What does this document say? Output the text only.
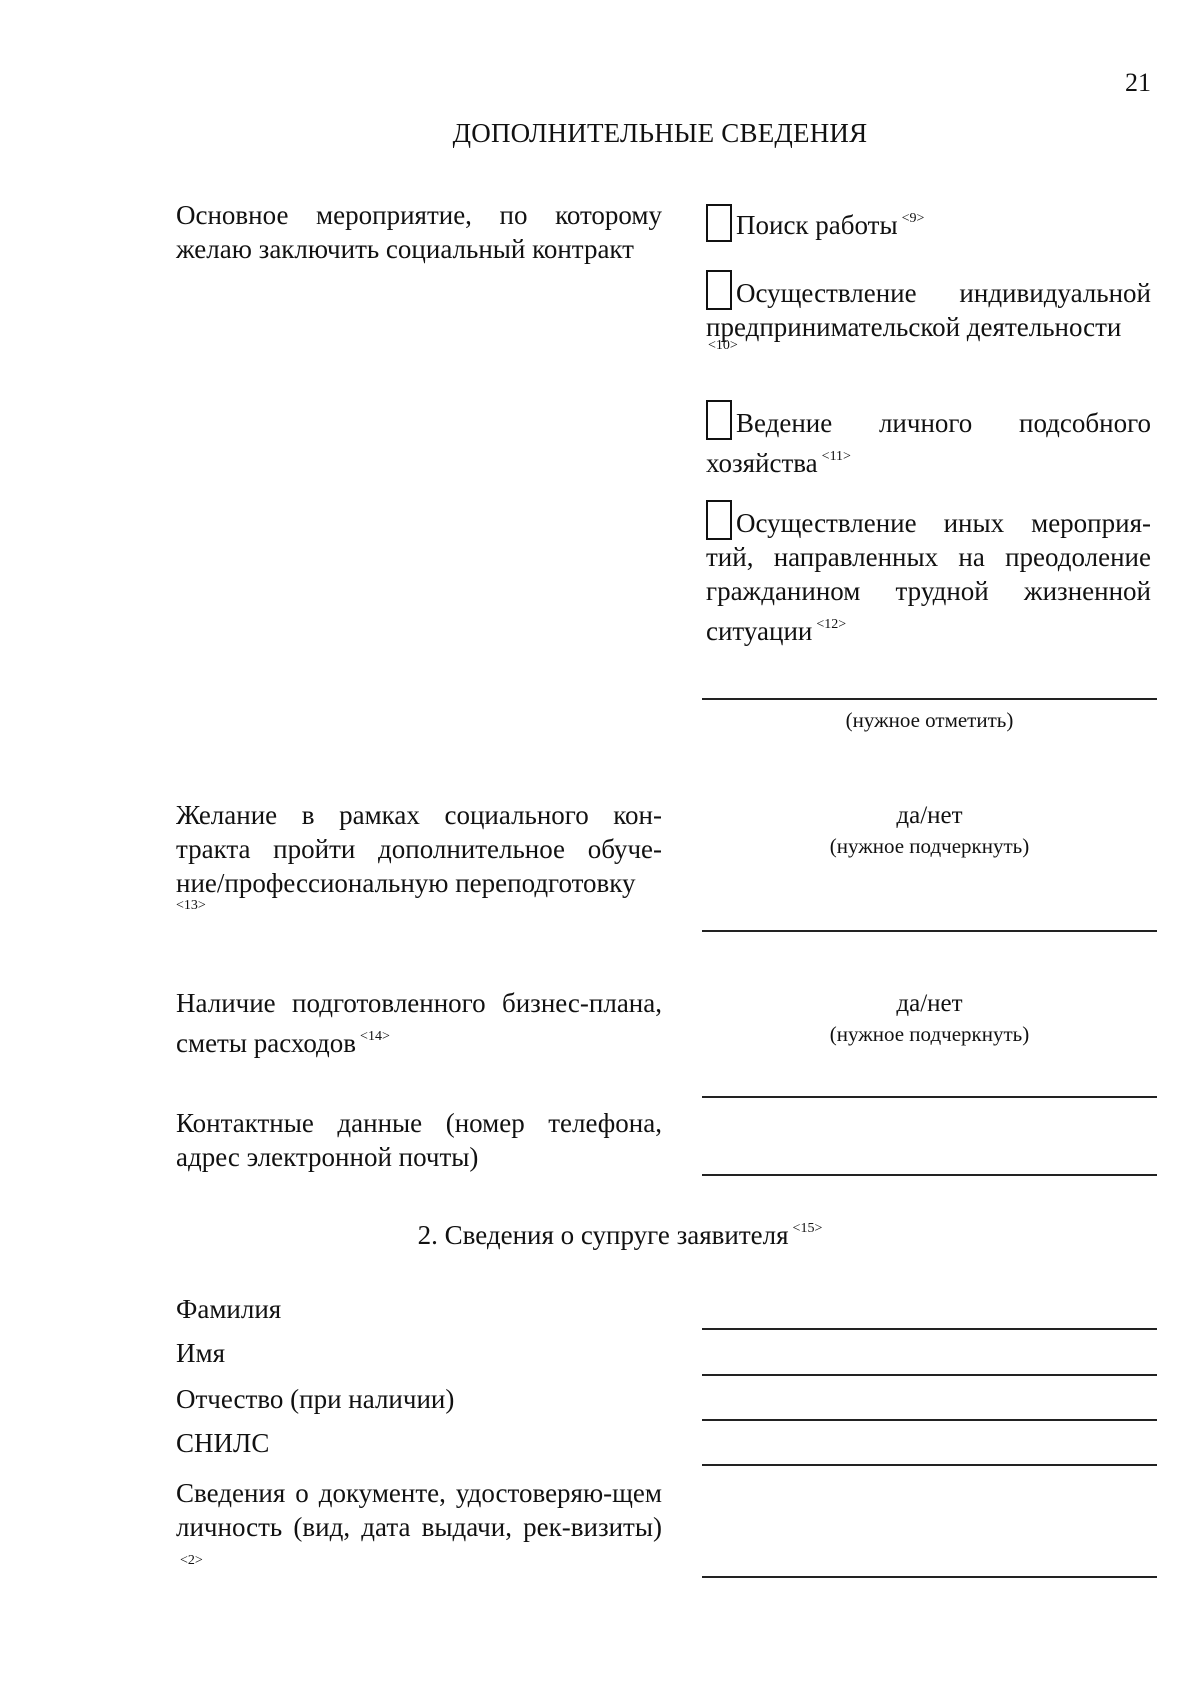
21
ДОПОЛНИТЕЛЬНЫЕ СВЕДЕНИЯ
Основное мероприятие, по которому желаю заключить социальный контракт
Поиск работы $^{<9>}$
Осуществление индивидуальной предпринимательской деятельности
<10>
Ведение личного подсобного хозяйства $^{<11>}$
Осуществление иных мероприя-тий, направленных на преодоление гражданином трудной жизненной ситуации $^{<12>}$
(нужное отметить)
Желание в рамках социального кон-тракта пройти дополнительное обуче-ние/профессиональную переподготовку
<13>
да/нет
(нужное подчеркнуть)
Наличие подготовленного бизнес-плана, сметы расходов $^{<14>}$
да/нет
(нужное подчеркнуть)
Контактные данные (номер телефона, адрес электронной почты)
2. Сведения о супруге заявителя $^{<15>}$
Фамилия
Имя
Отчество (при наличии)
СНИЛС
Сведения о документе, удостоверяю-щем личность (вид, дата выдачи, рек-визиты)$^{<2>}$
